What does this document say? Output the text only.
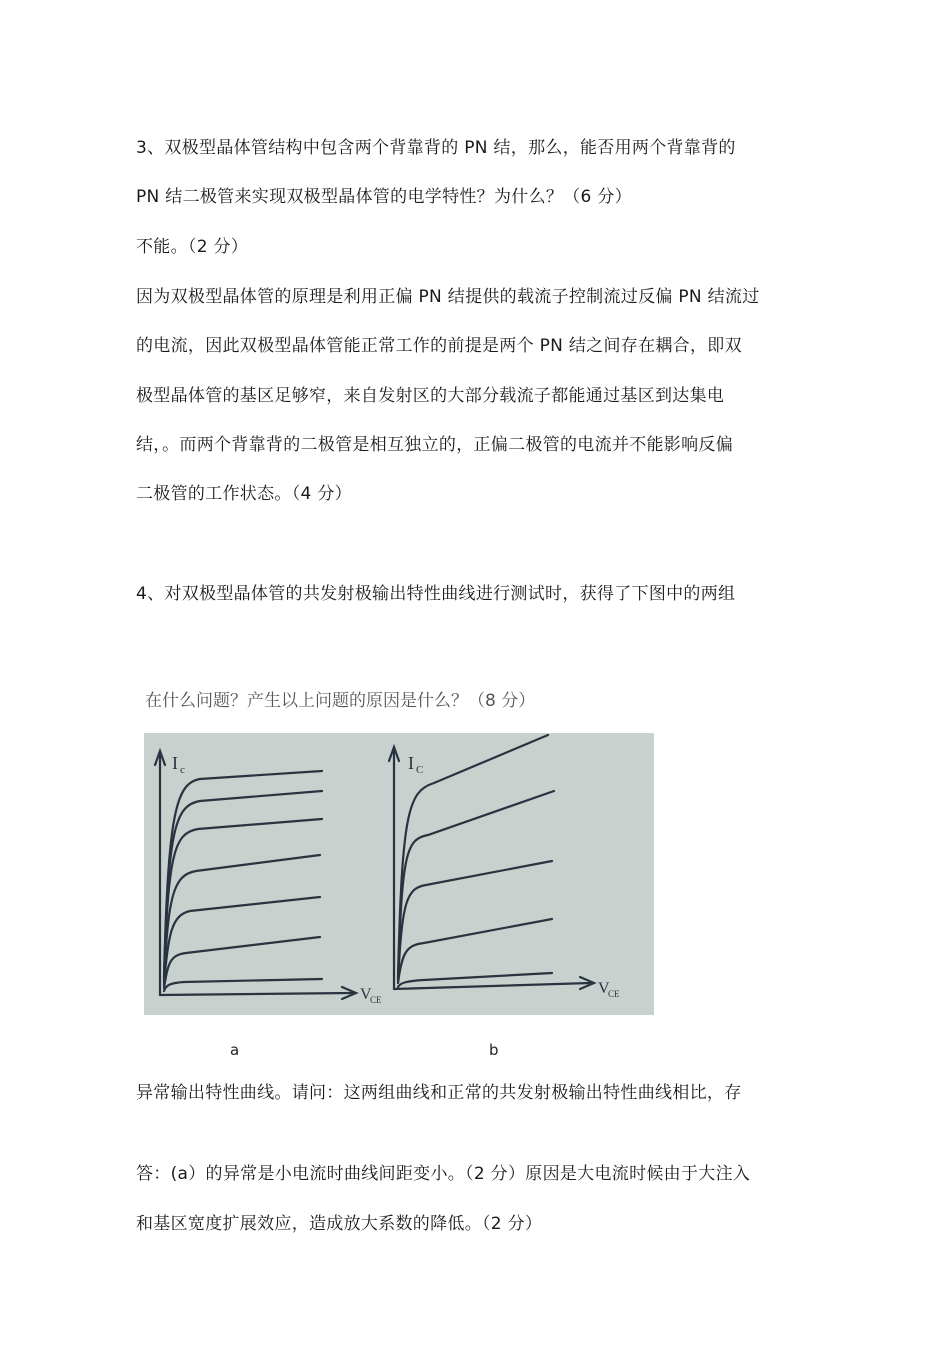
3、双极型晶体管结构中包含两个背靠背的 PN 结，那么，能否用两个背靠背的
PN 结二极管来实现双极型晶体管的电学特性？为什么？（6 分）
不能。（2 分）
因为双极型晶体管的原理是利用正偏 PN 结提供的载流子控制流过反偏 PN 结流过
的电流，因此双极型晶体管能正常工作的前提是两个 PN 结之间存在耦合，即双
极型晶体管的基区足够窄，来自发射区的大部分载流子都能通过基区到达集电
结，。而两个背靠背的二极管是相互独立的，正偏二极管的电流并不能影响反偏
二极管的工作状态。（4 分）
4、对双极型晶体管的共发射极输出特性曲线进行测试时，获得了下图中的两组
在什么问题？产生以上问题的原因是什么？（8 分）
I c
V
CE
I C
V
CE
a	b
异常输出特性曲线。请问：这两组曲线和正常的共发射极输出特性曲线相比，存
答：(a）的异常是小电流时曲线间距变小。（2 分）原因是大电流时候由于大注入
和基区宽度扩展效应，造成放大系数的降低。（2 分）
